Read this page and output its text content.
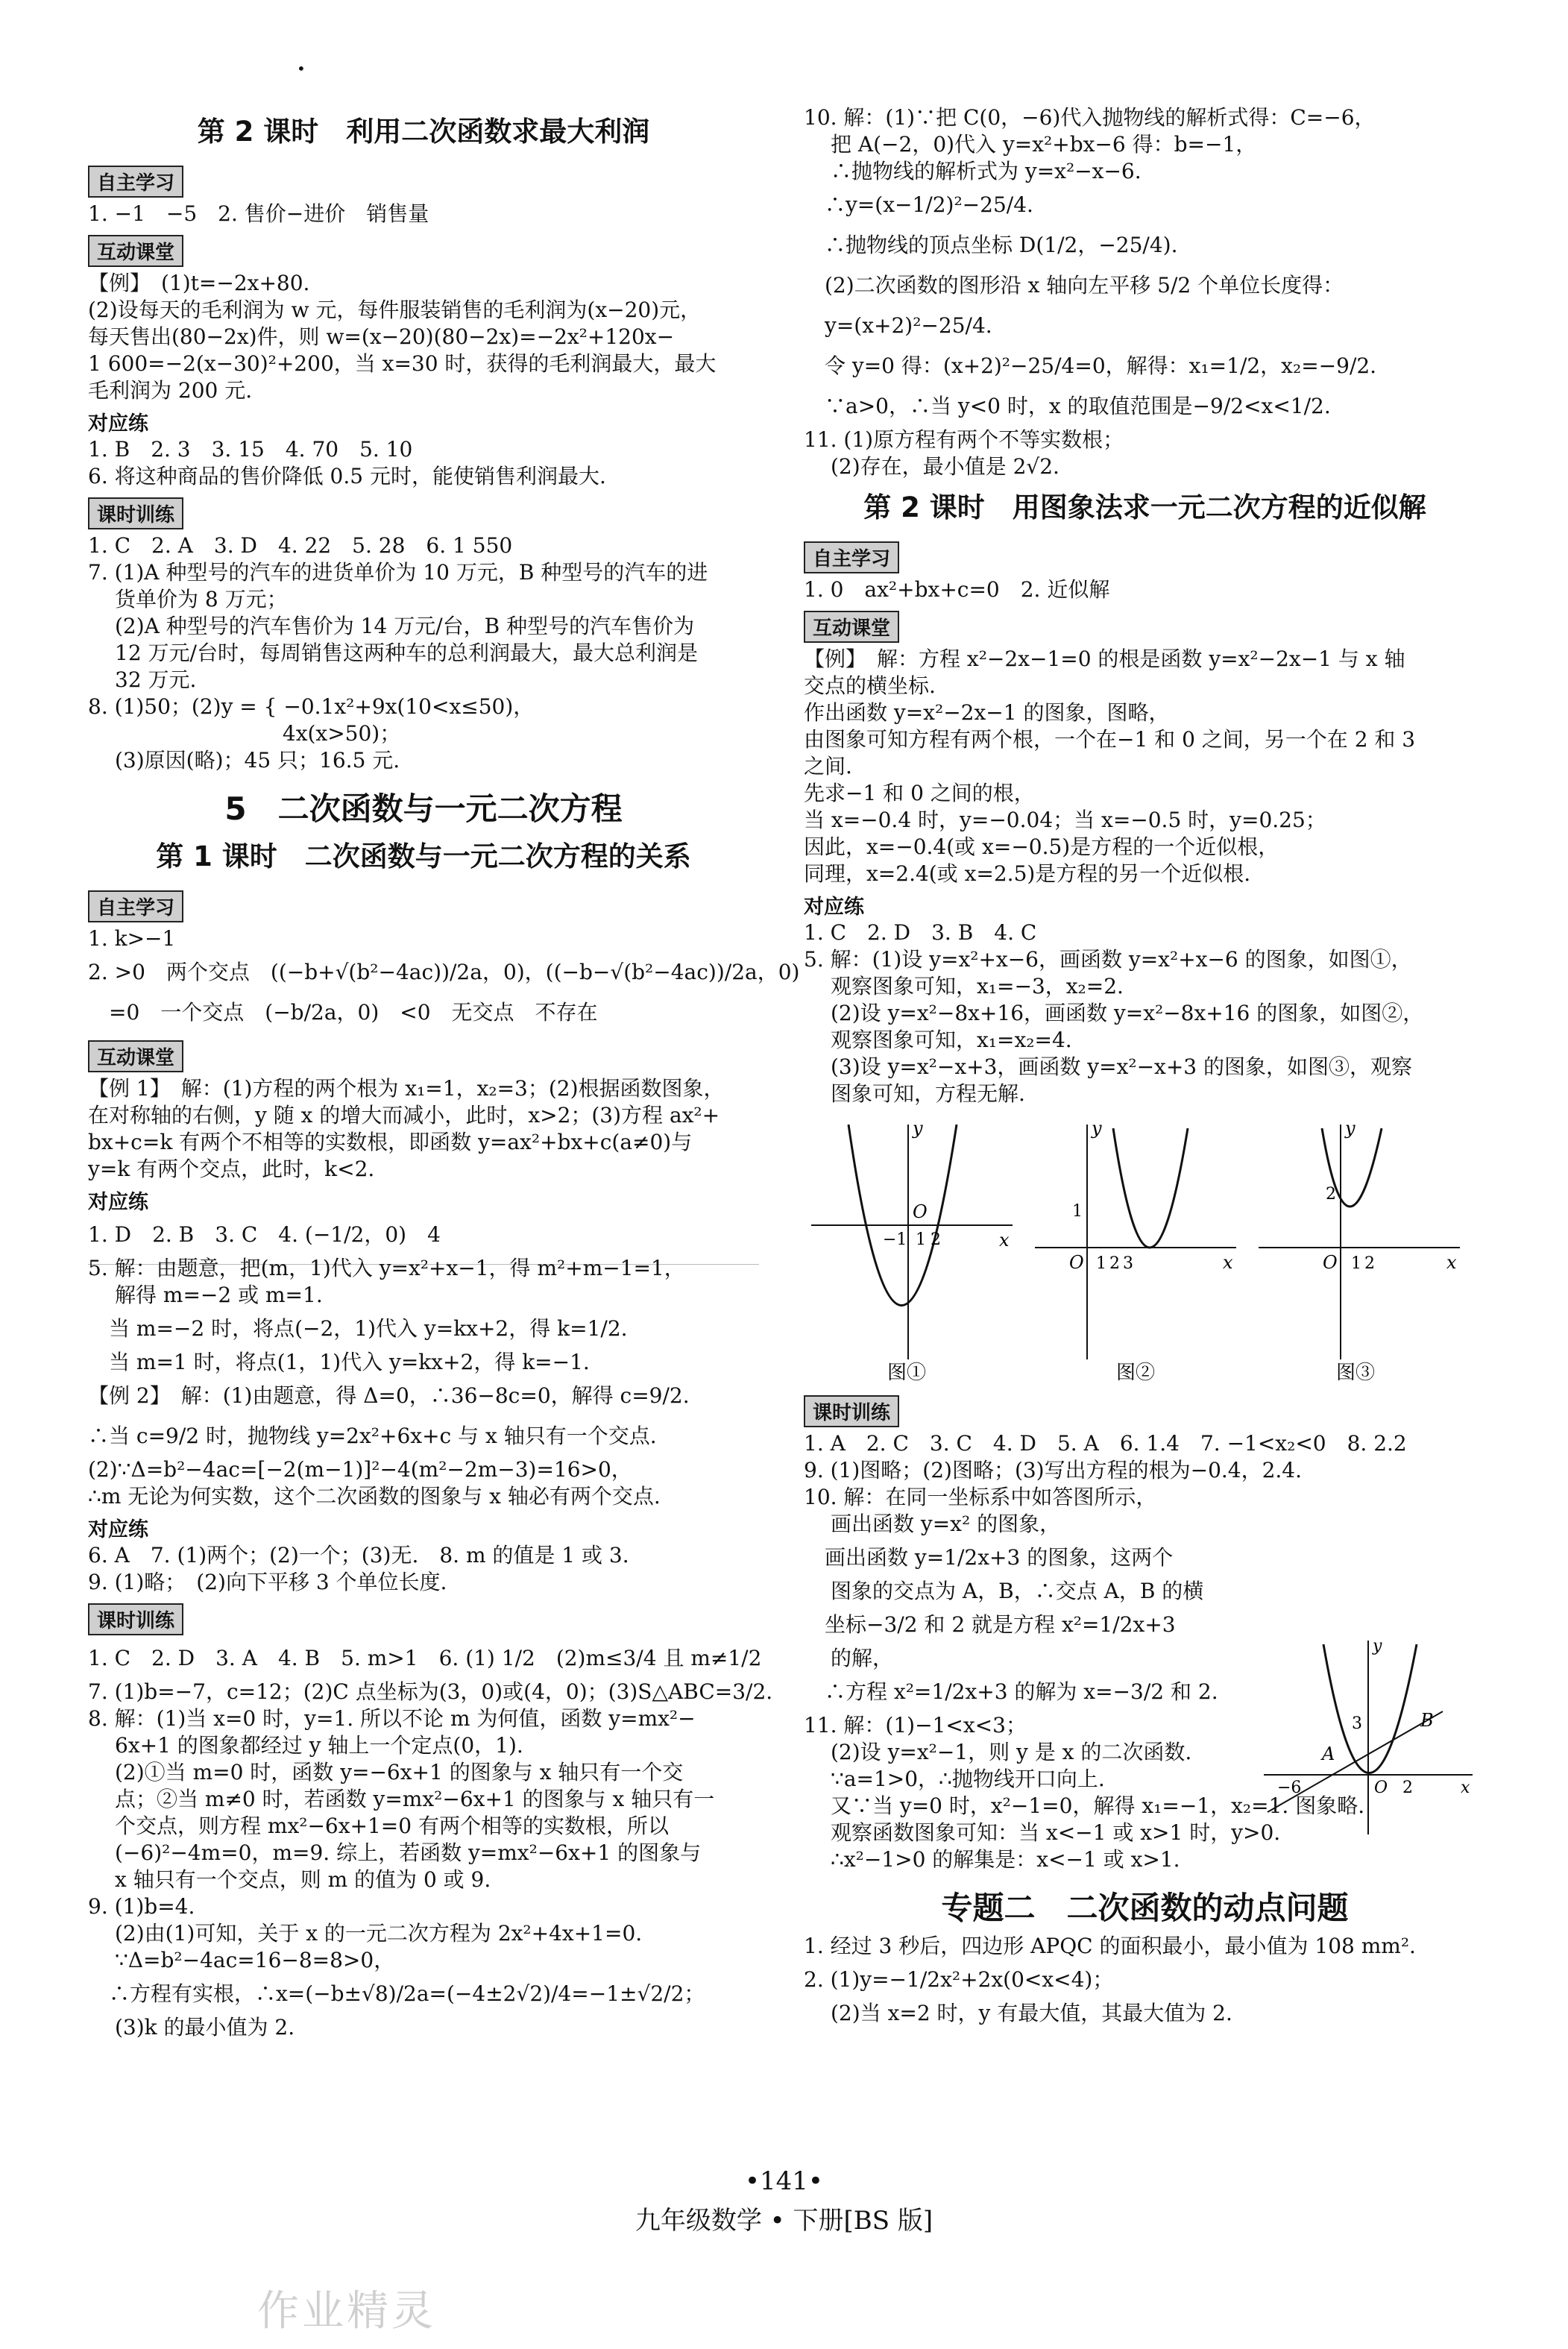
•

第 2 课时　利用二次函数求最大利润

自主学习

1. −1　−5　2. 售价−进价　销售量

互动课堂

【例】　(1)t=−2x+80.

(2)设每天的毛利润为 w 元，每件服装销售的毛利润为(x−20)元，

每天售出(80−2x)件，则 w=(x−20)(80−2x)=−2x²+120x−

1 600=−2(x−30)²+200，当 x=30 时，获得的毛利润最大，最大

毛利润为 200 元.

对应练

1. B　2. 3　3. 15　4. 70　5. 10

6. 将这种商品的售价降低 0.5 元时，能使销售利润最大.

课时训练

1. C　2. A　3. D　4. 22　5. 28　6. 1 550

7. (1)A 种型号的汽车的进货单价为 10 万元，B 种型号的汽车的进

货单价为 8 万元；

(2)A 种型号的汽车售价为 14 万元/台，B 种型号的汽车售价为

12 万元/台时，每周销售这两种车的总利润最大，最大总利润是

32 万元.

8. (1)50；(2)y = { −0.1x²+9x(10<x≤50)，

　　　　　　　　　 4x(x>50)；

(3)原因(略)；45 只；16.5 元.

5　二次函数与一元二次方程

第 1 课时　二次函数与一元二次方程的关系

自主学习

1. k>−1

2. >0　两个交点　((−b+√(b²−4ac))/2a，0)，((−b−√(b²−4ac))/2a，0)

　=0　一个交点　(−b/2a，0)　<0　无交点　不存在

互动课堂

【例 1】　解：(1)方程的两个根为 x₁=1，x₂=3；(2)根据函数图象，

在对称轴的右侧，y 随 x 的增大而减小，此时，x>2；(3)方程 ax²+

bx+c=k 有两个不相等的实数根，即函数 y=ax²+bx+c(a≠0)与

y=k 有两个交点，此时，k<2.

对应练

1. D　2. B　3. C　4. (−1/2，0)　4

5. 解：由题意，把(m，1)代入 y=x²+x−1，得 m²+m−1=1，

解得 m=−2 或 m=1.

　当 m=−2 时，将点(−2，1)代入 y=kx+2，得 k=1/2.

　当 m=1 时，将点(1，1)代入 y=kx+2，得 k=−1.

【例 2】　解：(1)由题意，得 Δ=0，∴36−8c=0，解得 c=9/2.

∴当 c=9/2 时，抛物线 y=2x²+6x+c 与 x 轴只有一个交点.

(2)∵Δ=b²−4ac=[−2(m−1)]²−4(m²−2m−3)=16>0，

∴m 无论为何实数，这个二次函数的图象与 x 轴必有两个交点.

对应练

6. A　7. (1)两个；(2)一个；(3)无.　8. m 的值是 1 或 3.

9. (1)略；　(2)向下平移 3 个单位长度.

课时训练

1. C　2. D　3. A　4. B　5. m>1　6. (1) 1/2　(2)m≤3/4 且 m≠1/2

7. (1)b=−7，c=12；(2)C 点坐标为(3，0)或(4，0)；(3)S△ABC=3/2.

8. 解：(1)当 x=0 时，y=1. 所以不论 m 为何值，函数 y=mx²−

6x+1 的图象都经过 y 轴上一个定点(0，1).

(2)①当 m=0 时，函数 y=−6x+1 的图象与 x 轴只有一个交

点；②当 m≠0 时，若函数 y=mx²−6x+1 的图象与 x 轴只有一

个交点，则方程 mx²−6x+1=0 有两个相等的实数根，所以

(−6)²−4m=0，m=9. 综上，若函数 y=mx²−6x+1 的图象与

x 轴只有一个交点，则 m 的值为 0 或 9.

9. (1)b=4.

(2)由(1)可知，关于 x 的一元二次方程为 2x²+4x+1=0.

∵Δ=b²−4ac=16−8=8>0，

　∴方程有实根，∴x=(−b±√8)/2a=(−4±2√2)/4=−1±√2/2；

(3)k 的最小值为 2.

10. 解：(1)∵把 C(0，−6)代入抛物线的解析式得：C=−6，

把 A(−2，0)代入 y=x²+bx−6 得：b=−1，

∴抛物线的解析式为 y=x²−x−6.

　∴y=(x−1/2)²−25/4.

　∴抛物线的顶点坐标 D(1/2，−25/4).

　(2)二次函数的图形沿 x 轴向左平移 5/2 个单位长度得：

　y=(x+2)²−25/4.

　令 y=0 得：(x+2)²−25/4=0，解得：x₁=1/2，x₂=−9/2.

　∵a>0，∴当 y<0 时，x 的取值范围是−9/2<x<1/2.

11. (1)原方程有两个不等实数根；

(2)存在，最小值是 2√2.

第 2 课时　用图象法求一元二次方程的近似解

自主学习

1. 0　ax²+bx+c=0　2. 近似解

互动课堂

【例】　解：方程 x²−2x−1=0 的根是函数 y=x²−2x−1 与 x 轴

交点的横坐标.

作出函数 y=x²−2x−1 的图象，图略，

由图象可知方程有两个根，一个在−1 和 0 之间，另一个在 2 和 3

之间.

先求−1 和 0 之间的根，

当 x=−0.4 时，y=−0.04；当 x=−0.5 时，y=0.25；

因此，x=−0.4(或 x=−0.5)是方程的一个近似根，

同理，x=2.4(或 x=2.5)是方程的另一个近似根.

对应练

1. C　2. D　3. B　4. C

5. 解：(1)设 y=x²+x−6，画函数 y=x²+x−6 的图象，如图①，

观察图象可知，x₁=−3，x₂=2.

(2)设 y=x²−8x+16，画函数 y=x²−8x+16 的图象，如图②，

观察图象可知，x₁=x₂=4.

(3)设 y=x²−x+3，画函数 y=x²−x+3 的图象，如图③，观察

图象可知，方程无解.

y
x
O
−1 1 2
图①
y
x
O 1 2 3
1
图②
y
x
O 1 2
2
图③
课时训练

1. A　2. C　3. C　4. D　5. A　6. 1.4　7. −1<x₂<0　8. 2.2

9. (1)图略；(2)图略；(3)写出方程的根为−0.4，2.4.

10. 解：在同一坐标系中如答图所示，

画出函数 y=x² 的图象，

　画出函数 y=1/2x+3 的图象，这两个

图象的交点为 A，B，∴交点 A，B 的横

　坐标−3/2 和 2 就是方程 x²=1/2x+3

的解，

　∴方程 x²=1/2x+3 的解为 x=−3/2 和 2.

11. 解：(1)−1<x<3；

(2)设 y=x²−1，则 y 是 x 的二次函数.

∵a=1>0，∴抛物线开口向上.

又∵当 y=0 时，x²−1=0，解得 x₁=−1，x₂=1. 图象略.

观察函数图象可知：当 x<−1 或 x>1 时，y>0.

∴x²−1>0 的解集是：x<−1 或 x>1.

专题二　二次函数的动点问题

1. 经过 3 秒后，四边形 APQC 的面积最小，最小值为 108 mm².

2. (1)y=−1/2x²+2x(0<x<4)；

(2)当 x=2 时，y 有最大值，其最大值为 2.

y
x
O
A
B
3
−6	2
•141•
九年级数学 • 下册[BS 版]
作业精灵
